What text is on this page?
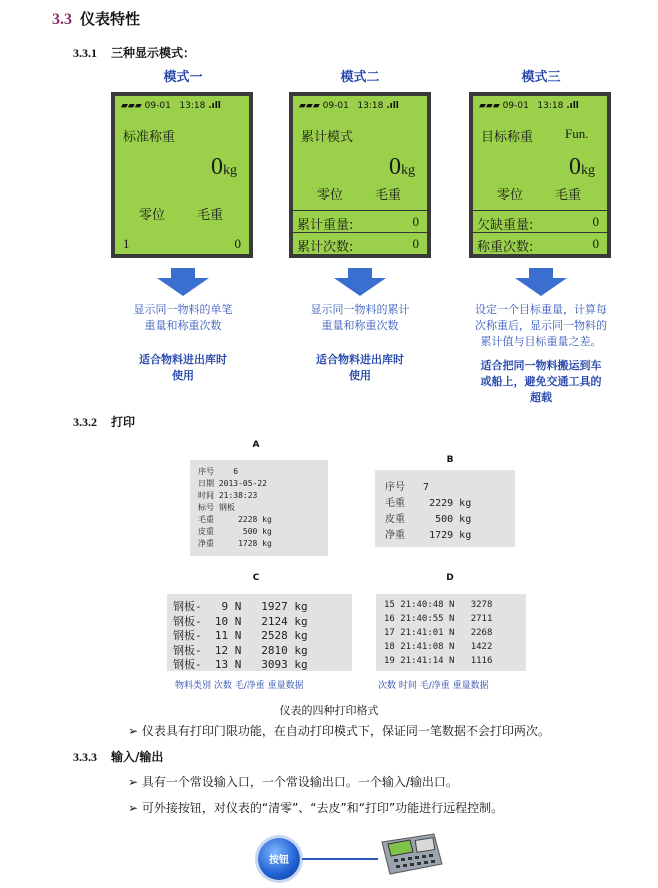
3.3 仪表特性
3.3.1 三种显示模式：
模式一
▰▰▰ 09-01 13:18 .ıll
标准称重
0kg
零位 毛重
1	0
显示同一物料的单笔
重量和称重次数
适合物料进出库时
使用
模式二
▰▰▰ 09-01 13:18 .ıll
累计模式
0kg
零位 毛重
累计重量:	0
累计次数:	0
显示同一物料的累计
重量和称重次数
适合物料进出库时
使用
模式三
▰▰▰ 09-01 13:18 .ıll
目标称重 Fun.
0kg
零位 毛重
欠缺重量:	0
称重次数:	0
设定一个目标重量，计算每
次称重后，显示同一物料的
累计值与目标重量之差。
适合把同一物料搬运到车
或船上，避免交通工具的
超载
3.3.2 打印
A
B
C	D
序号    6
日期 2013-05-22
时间 21:38:23
标号 钢板
毛重     2228 kg
皮重      500 kg
净重     1728 kg
序号   7
毛重    2229 kg
皮重     500 kg
净重    1729 kg
钢板-   9 N   1927 kg
钢板-  10 N   2124 kg
钢板-  11 N   2528 kg
钢板-  12 N   2810 kg
钢板-  13 N   3093 kg
15 21:40:48 N   3278
16 21:40:55 N   2711
17 21:41:01 N   2268
18 21:41:08 N   1422
19 21:41:14 N   1116
物料类别 次数 毛/净重 重量数据	次数 时间 毛/净重 重量数据
仪表的四种打印格式
➢ 仪表具有打印门限功能，在自动打印模式下，保证同一笔数据不会打印两次。
3.3.3 输入/输出
➢ 具有一个常设输入口，一个常设输出口。一个输入/输出口。
➢ 可外接按钮，对仪表的“清零”、“去皮”和“打印”功能进行远程控制。
按钮
